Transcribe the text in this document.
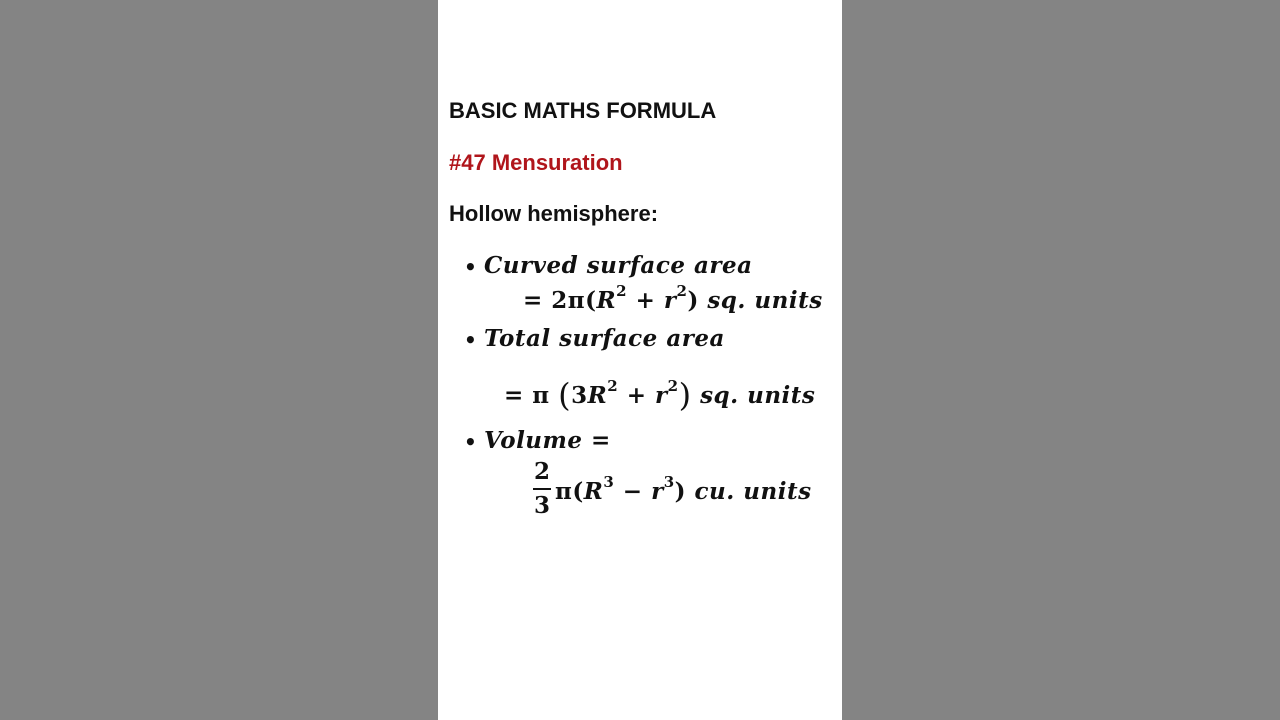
BASIC MATHS FORMULA
#47 Mensuration
Hollow hemisphere:
• Curved surface area
= $2\pi(R^2 + r^2)$ sq. units
• Total surface area
= π $(3R^2 + r^2)$ sq. units
• Volume =
2
3
$\pi(R^3 - r^3)$ cu. units
